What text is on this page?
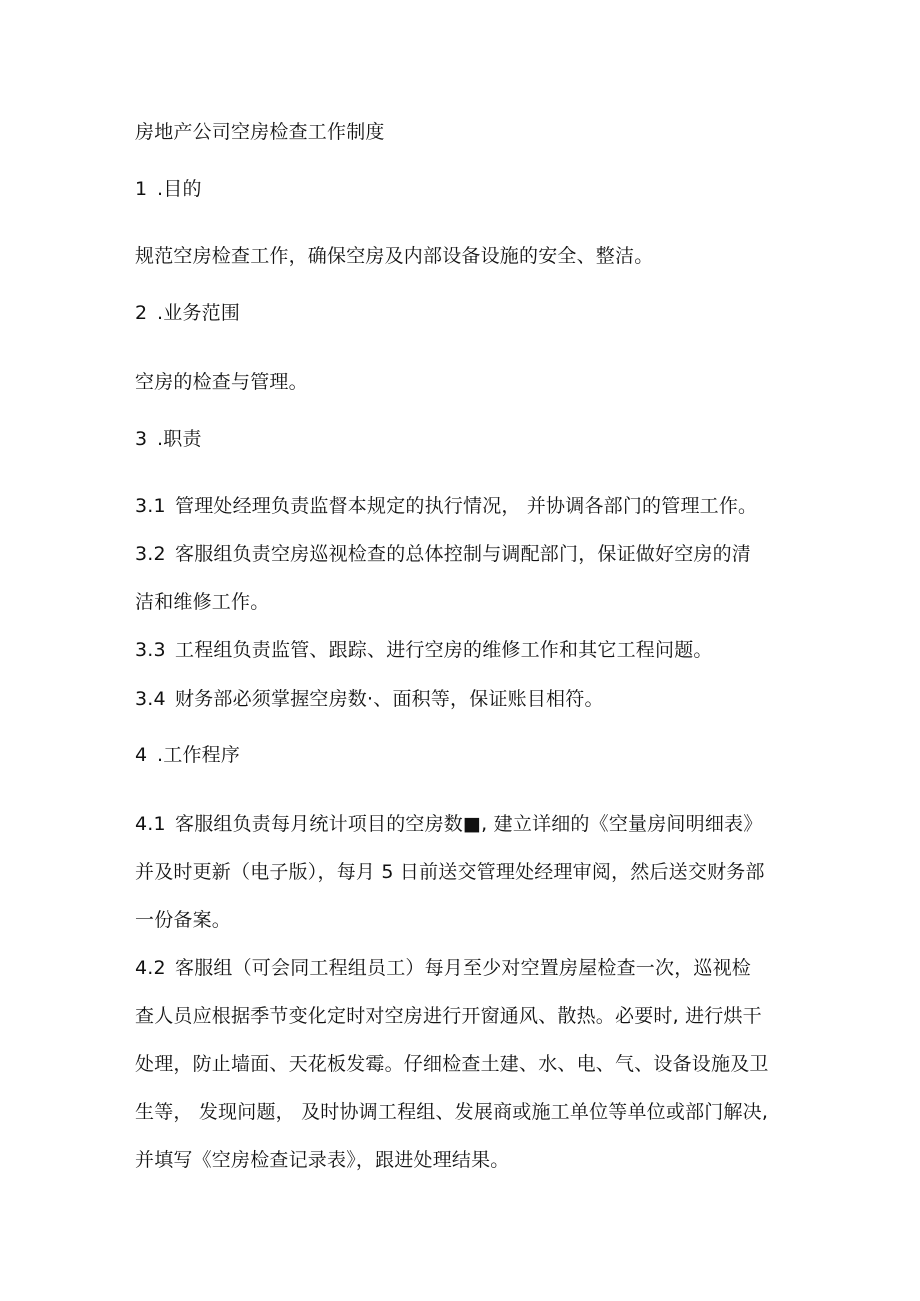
房地产公司空房检查工作制度
1 .目的
规范空房检查工作，确保空房及内部设备设施的安全、整洁。
2 .业务范围
空房的检查与管理。
3 .职责
3.1 管理处经理负责监督本规定的执行情况， 并协调各部门的管理工作。
3.2 客服组负责空房巡视检查的总体控制与调配部门，保证做好空房的清
洁和维修工作。
3.3 工程组负责监管、跟踪、进行空房的维修工作和其它工程问题。
3.4 财务部必须掌握空房数·、面积等，保证账目相符。
4 .工作程序
4.1 客服组负责每月统计项目的空房数■, 建立详细的《空量房间明细表》
并及时更新（电子版），每月 5 日前送交管理处经理审阅，然后送交财务部
一份备案。
4.2 客服组（可会同工程组员工）每月至少对空置房屋检查一次，巡视检
查人员应根据季节变化定时对空房进行开窗通风、散热。必要时, 进行烘干
处理，防止墙面、天花板发霉。仔细检查土建、水、电、气、设备设施及卫
生等， 发现问题， 及时协调工程组、发展商或施工单位等单位或部门解决,
并填写《空房检查记录表》，跟进处理结果。
